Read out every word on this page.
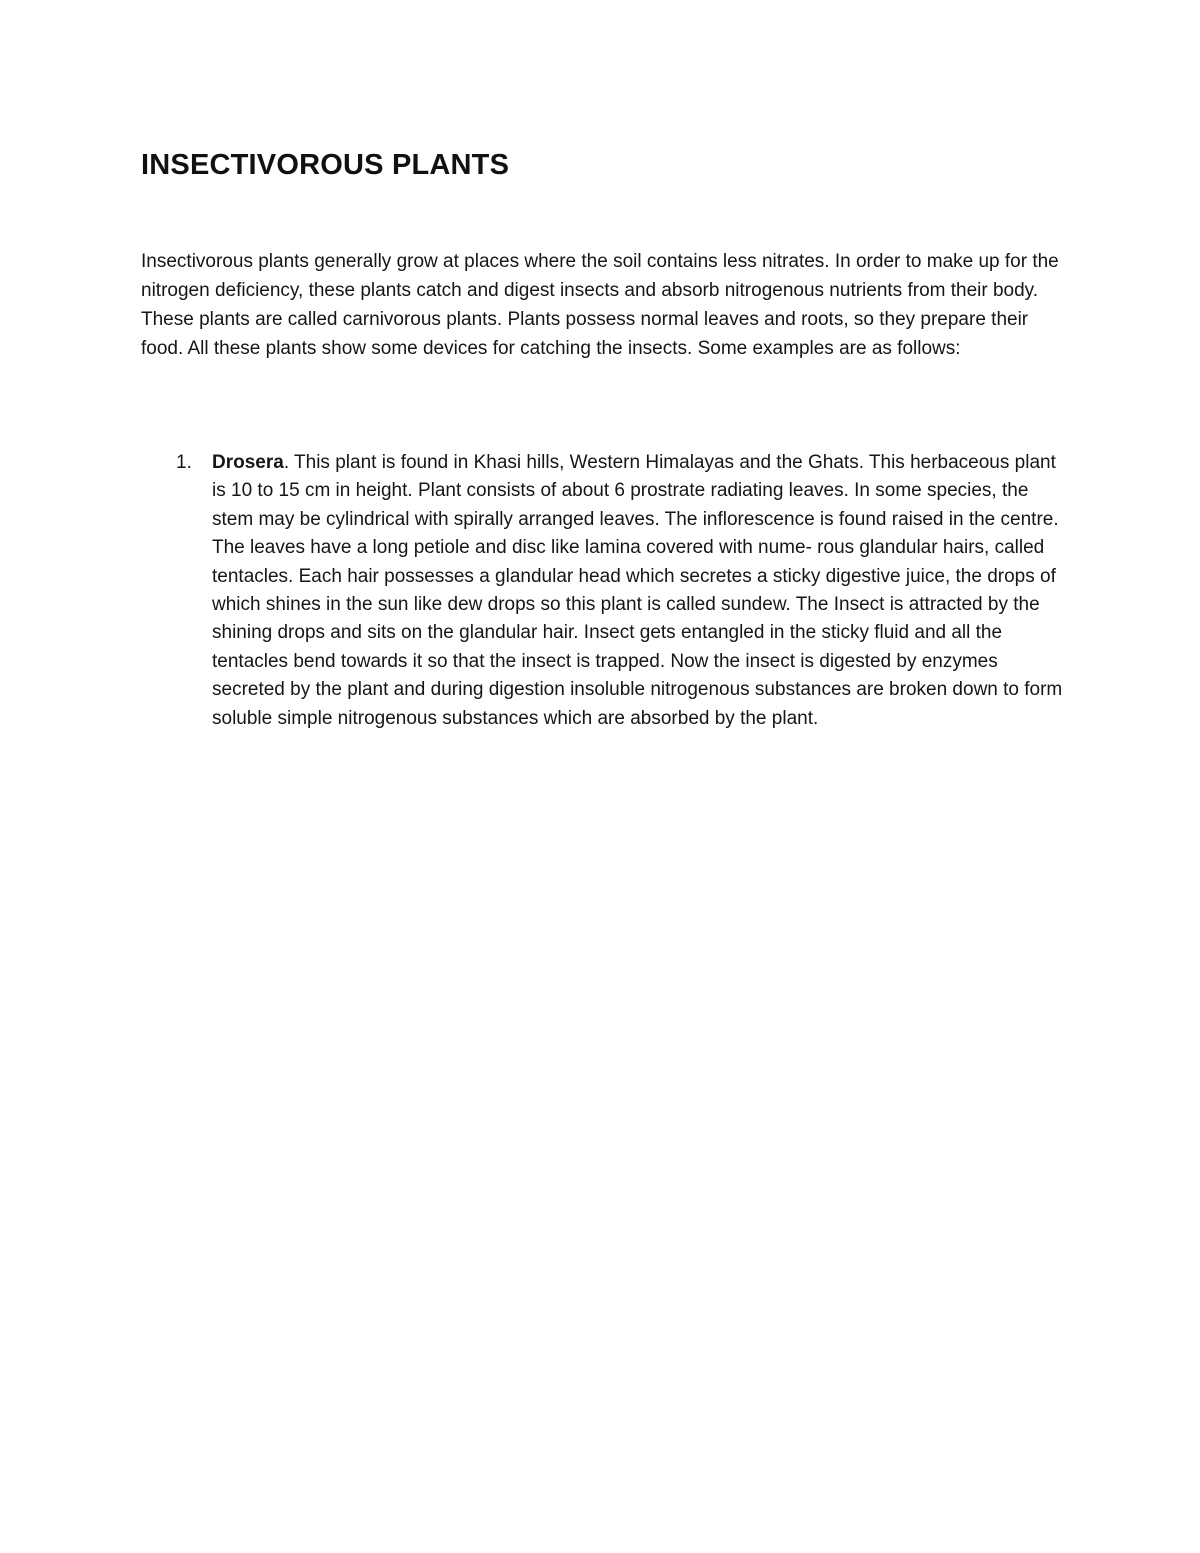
INSECTIVOROUS PLANTS

Insectivorous plants generally grow at places where the soil contains less nitrates. In order to make up for the nitrogen deficiency, these plants catch and digest insects and absorb nitrogenous nutrients from their body. These plants are called carnivorous plants. Plants possess normal leaves and roots, so they prepare their food. All these plants show some devices for catching the insects. Some examples are as follows:

1. Drosera. This plant is found in Khasi hills, Western Himalayas and the Ghats. This herbaceous plant is 10 to 15 cm in height. Plant consists of about 6 prostrate radiating leaves. In some species, the stem may be cylindrical with spirally arranged leaves. The inflorescence is found raised in the centre. The leaves have a long petiole and disc like lamina covered with nume- rous glandular hairs, called tentacles. Each hair possesses a glandular head which secretes a sticky digestive juice, the drops of which shines in the sun like dew drops so this plant is called sundew. The Insect is attracted by the shining drops and sits on the glandular hair. Insect gets entangled in the sticky fluid and all the tentacles bend towards it so that the insect is trapped. Now the insect is digested by enzymes secreted by the plant and during digestion insoluble nitrogenous substances are broken down to form soluble simple nitrogenous substances which are absorbed by the plant.
